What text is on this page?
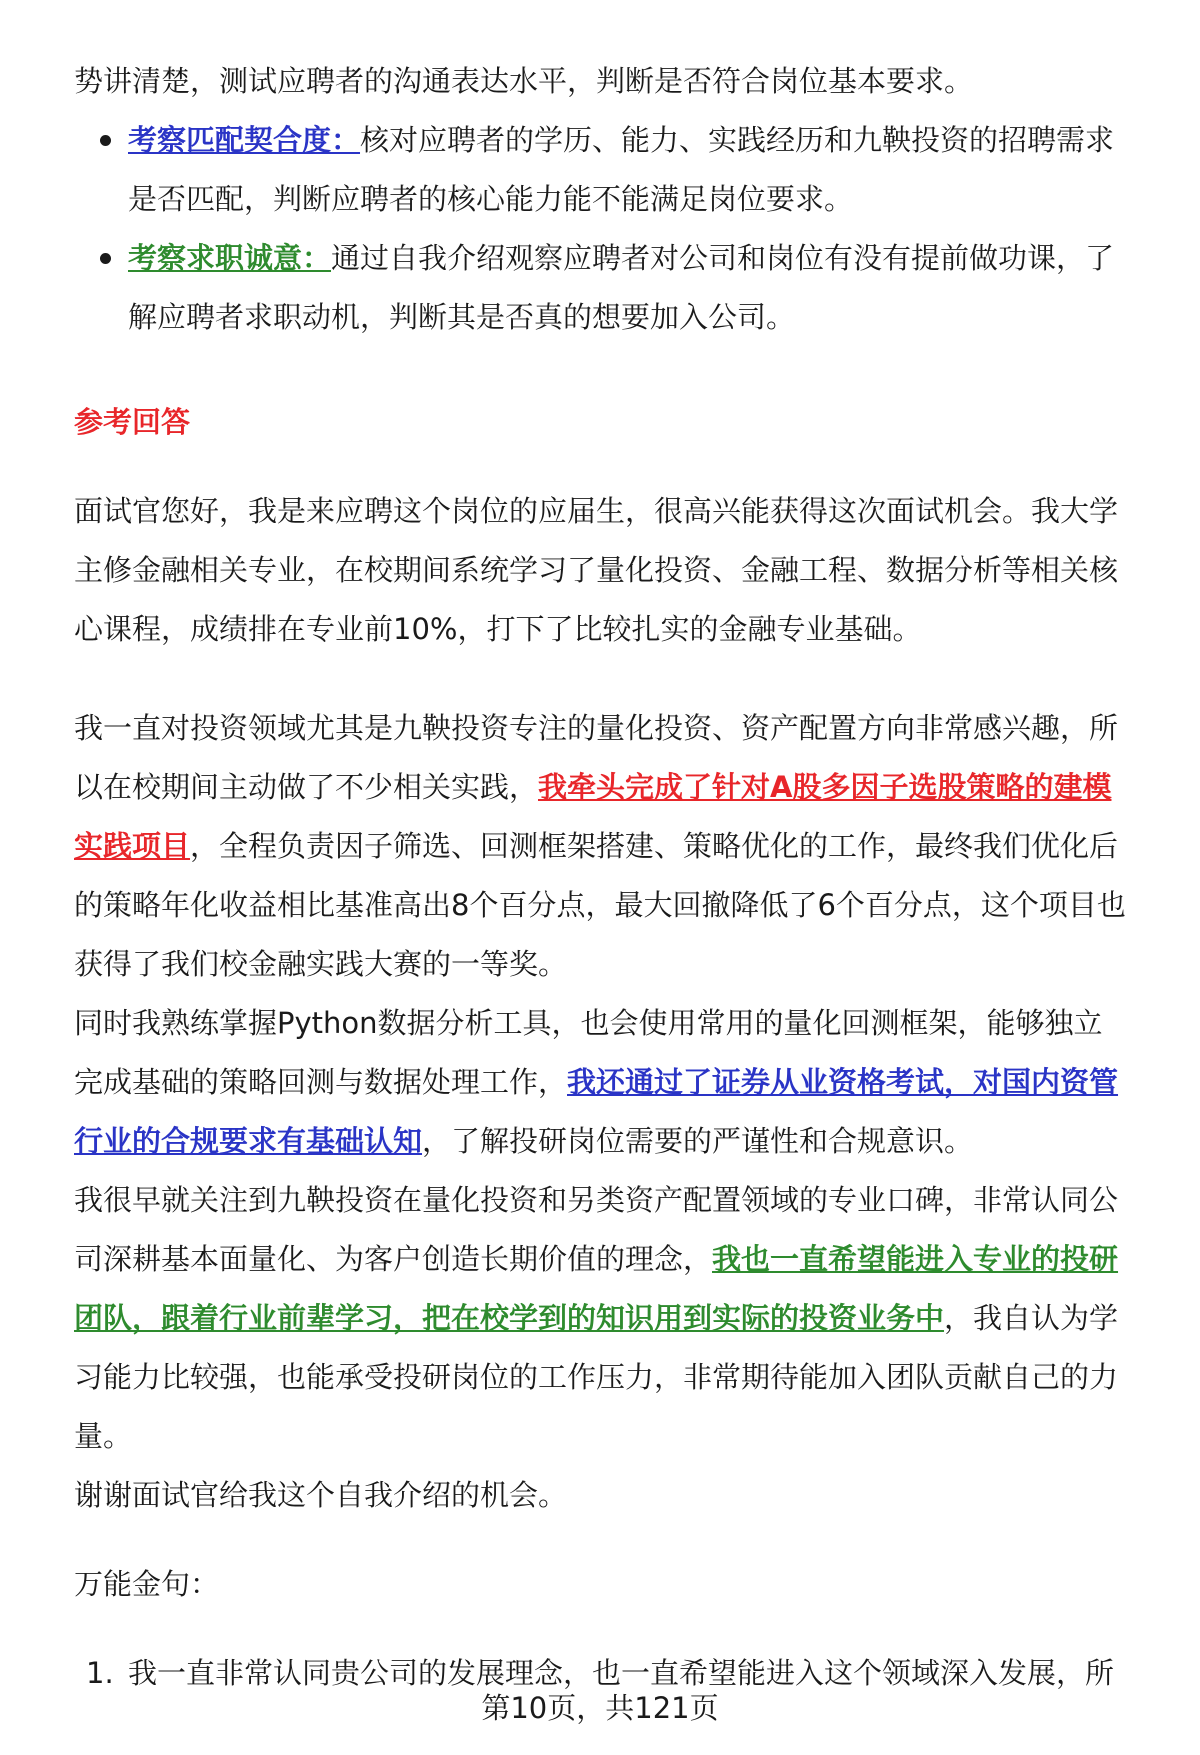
势讲清楚，测试应聘者的沟通表达水平，判断是否符合岗位基本要求。

考察匹配契合度：核对应聘者的学历、能力、实践经历和九鞅投资的招聘需求是否匹配，判断应聘者的核心能力能不能满足岗位要求。
考察求职诚意：通过自我介绍观察应聘者对公司和岗位有没有提前做功课，了解应聘者求职动机，判断其是否真的想要加入公司。
参考回答

面试官您好，我是来应聘这个岗位的应届生，很高兴能获得这次面试机会。我大学主修金融相关专业，在校期间系统学习了量化投资、金融工程、数据分析等相关核心课程，成绩排在专业前10%，打下了比较扎实的金融专业基础。

我一直对投资领域尤其是九鞅投资专注的量化投资、资产配置方向非常感兴趣，所以在校期间主动做了不少相关实践，我牵头完成了针对A股多因子选股策略的建模实践项目，全程负责因子筛选、回测框架搭建、策略优化的工作，最终我们优化后的策略年化收益相比基准高出8个百分点，最大回撤降低了6个百分点，这个项目也获得了我们校金融实践大赛的一等奖。

同时我熟练掌握Python数据分析工具，也会使用常用的量化回测框架，能够独立完成基础的策略回测与数据处理工作，我还通过了证券从业资格考试，对国内资管行业的合规要求有基础认知，了解投研岗位需要的严谨性和合规意识。

我很早就关注到九鞅投资在量化投资和另类资产配置领域的专业口碑，非常认同公司深耕基本面量化、为客户创造长期价值的理念，我也一直希望能进入专业的投研团队，跟着行业前辈学习，把在校学到的知识用到实际的投资业务中，我自认为学习能力比较强，也能承受投研岗位的工作压力，非常期待能加入团队贡献自己的力量。

谢谢面试官给我这个自我介绍的机会。

万能金句：

1. 我一直非常认同贵公司的发展理念，也一直希望能进入这个领域深入发展，所
第10页，共121页
